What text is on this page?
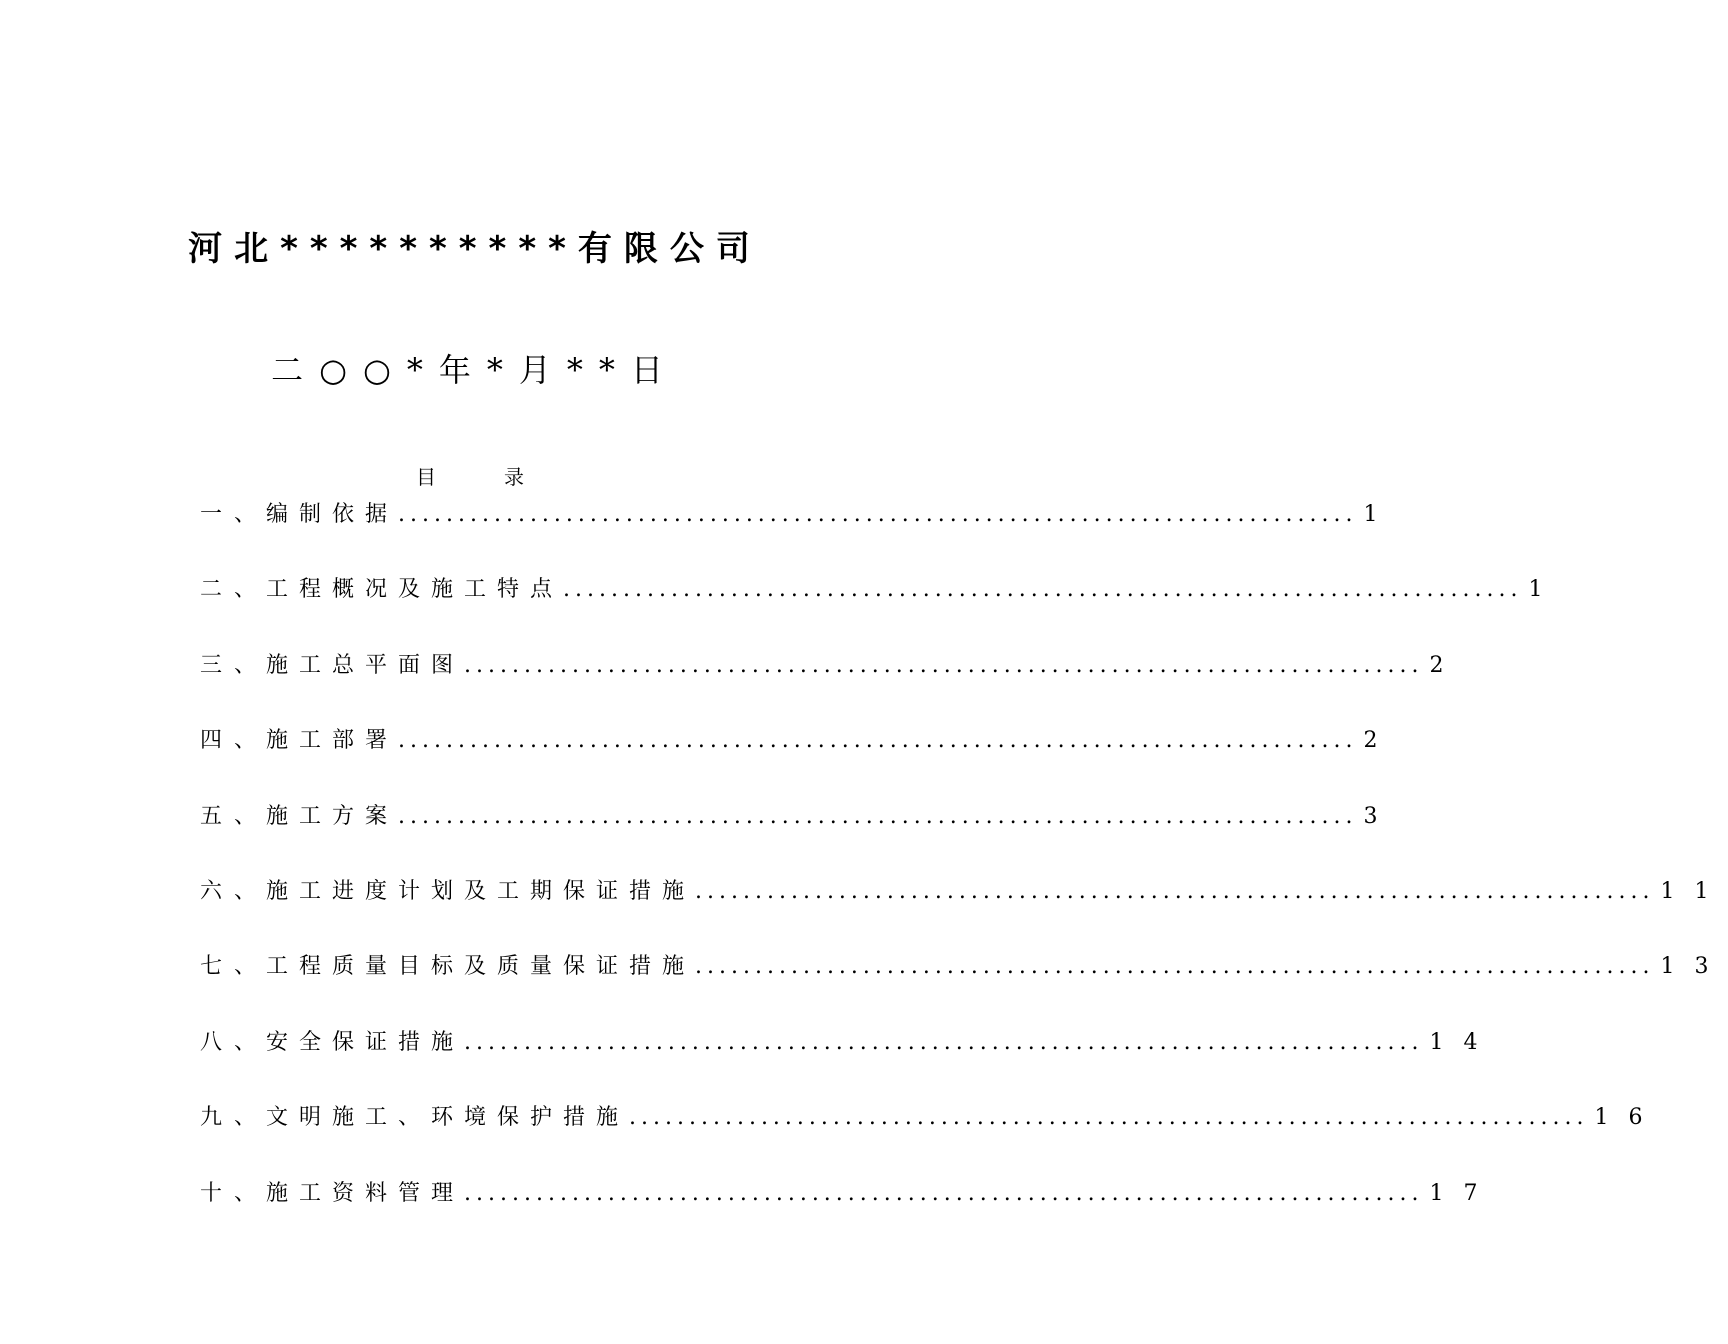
河北**********有限公司
二○○*年*月**日
目录
一、
编制依据 ................................................................................ 1
二、
工程概况及施工特点 ................................................................................ 1
三、
施工总平面图 ................................................................................ 2
四、
施工部署 ................................................................................ 2
五、
施工方案 ................................................................................ 3
六、
施工进度计划及工期保证措施 ................................................................................ 11
七、
工程质量目标及质量保证措施 ................................................................................ 13
八、
安全保证措施 ................................................................................ 14
九、
文明施工、环境保护措施 ................................................................................ 16
十、
施工资料管理 ................................................................................ 17
